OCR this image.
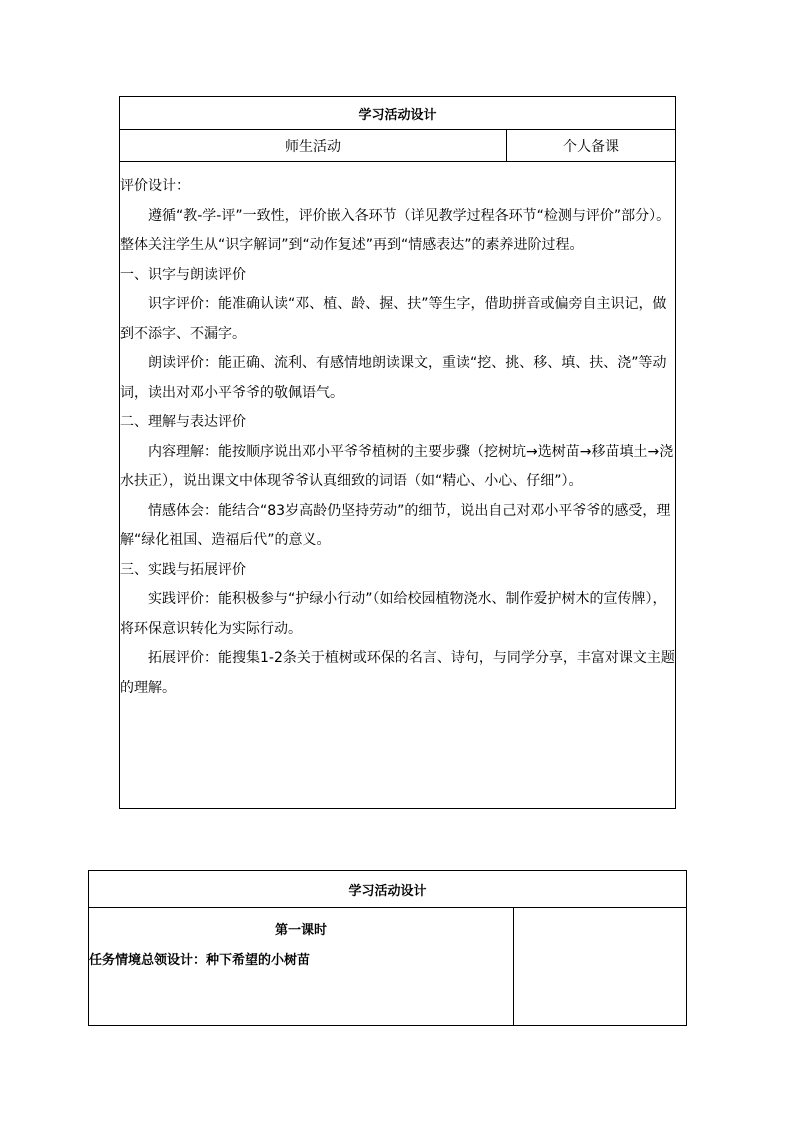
学习活动设计
师生活动	个人备课

评价设计：

遵循“教-学-评”一致性，评价嵌入各环节（详见教学过程各环节“检测与评价”部分）。整体关注学生从“识字解词”到“动作复述”再到“情感表达”的素养进阶过程。

一、识字与朗读评价

识字评价：能准确认读“邓、植、龄、握、扶”等生字，借助拼音或偏旁自主识记，做到不添字、不漏字。

朗读评价：能正确、流利、有感情地朗读课文，重读“挖、挑、移、填、扶、浇”等动词，读出对邓小平爷爷的敬佩语气。

二、理解与表达评价

内容理解：能按顺序说出邓小平爷爷植树的主要步骤（挖树坑→选树苗→移苗填土→浇水扶正），说出课文中体现爷爷认真细致的词语（如“精心、小心、仔细”）。

情感体会：能结合“83岁高龄仍坚持劳动”的细节，说出自己对邓小平爷爷的感受，理解“绿化祖国、造福后代”的意义。

三、实践与拓展评价

实践评价：能积极参与“护绿小行动”（如给校园植物浇水、制作爱护树木的宣传牌），将环保意识转化为实际行动。

拓展评价：能搜集1-2条关于植树或环保的名言、诗句，与同学分享，丰富对课文主题的理解。

学习活动设计

第一课时

任务情境总领设计：种下希望的小树苗
